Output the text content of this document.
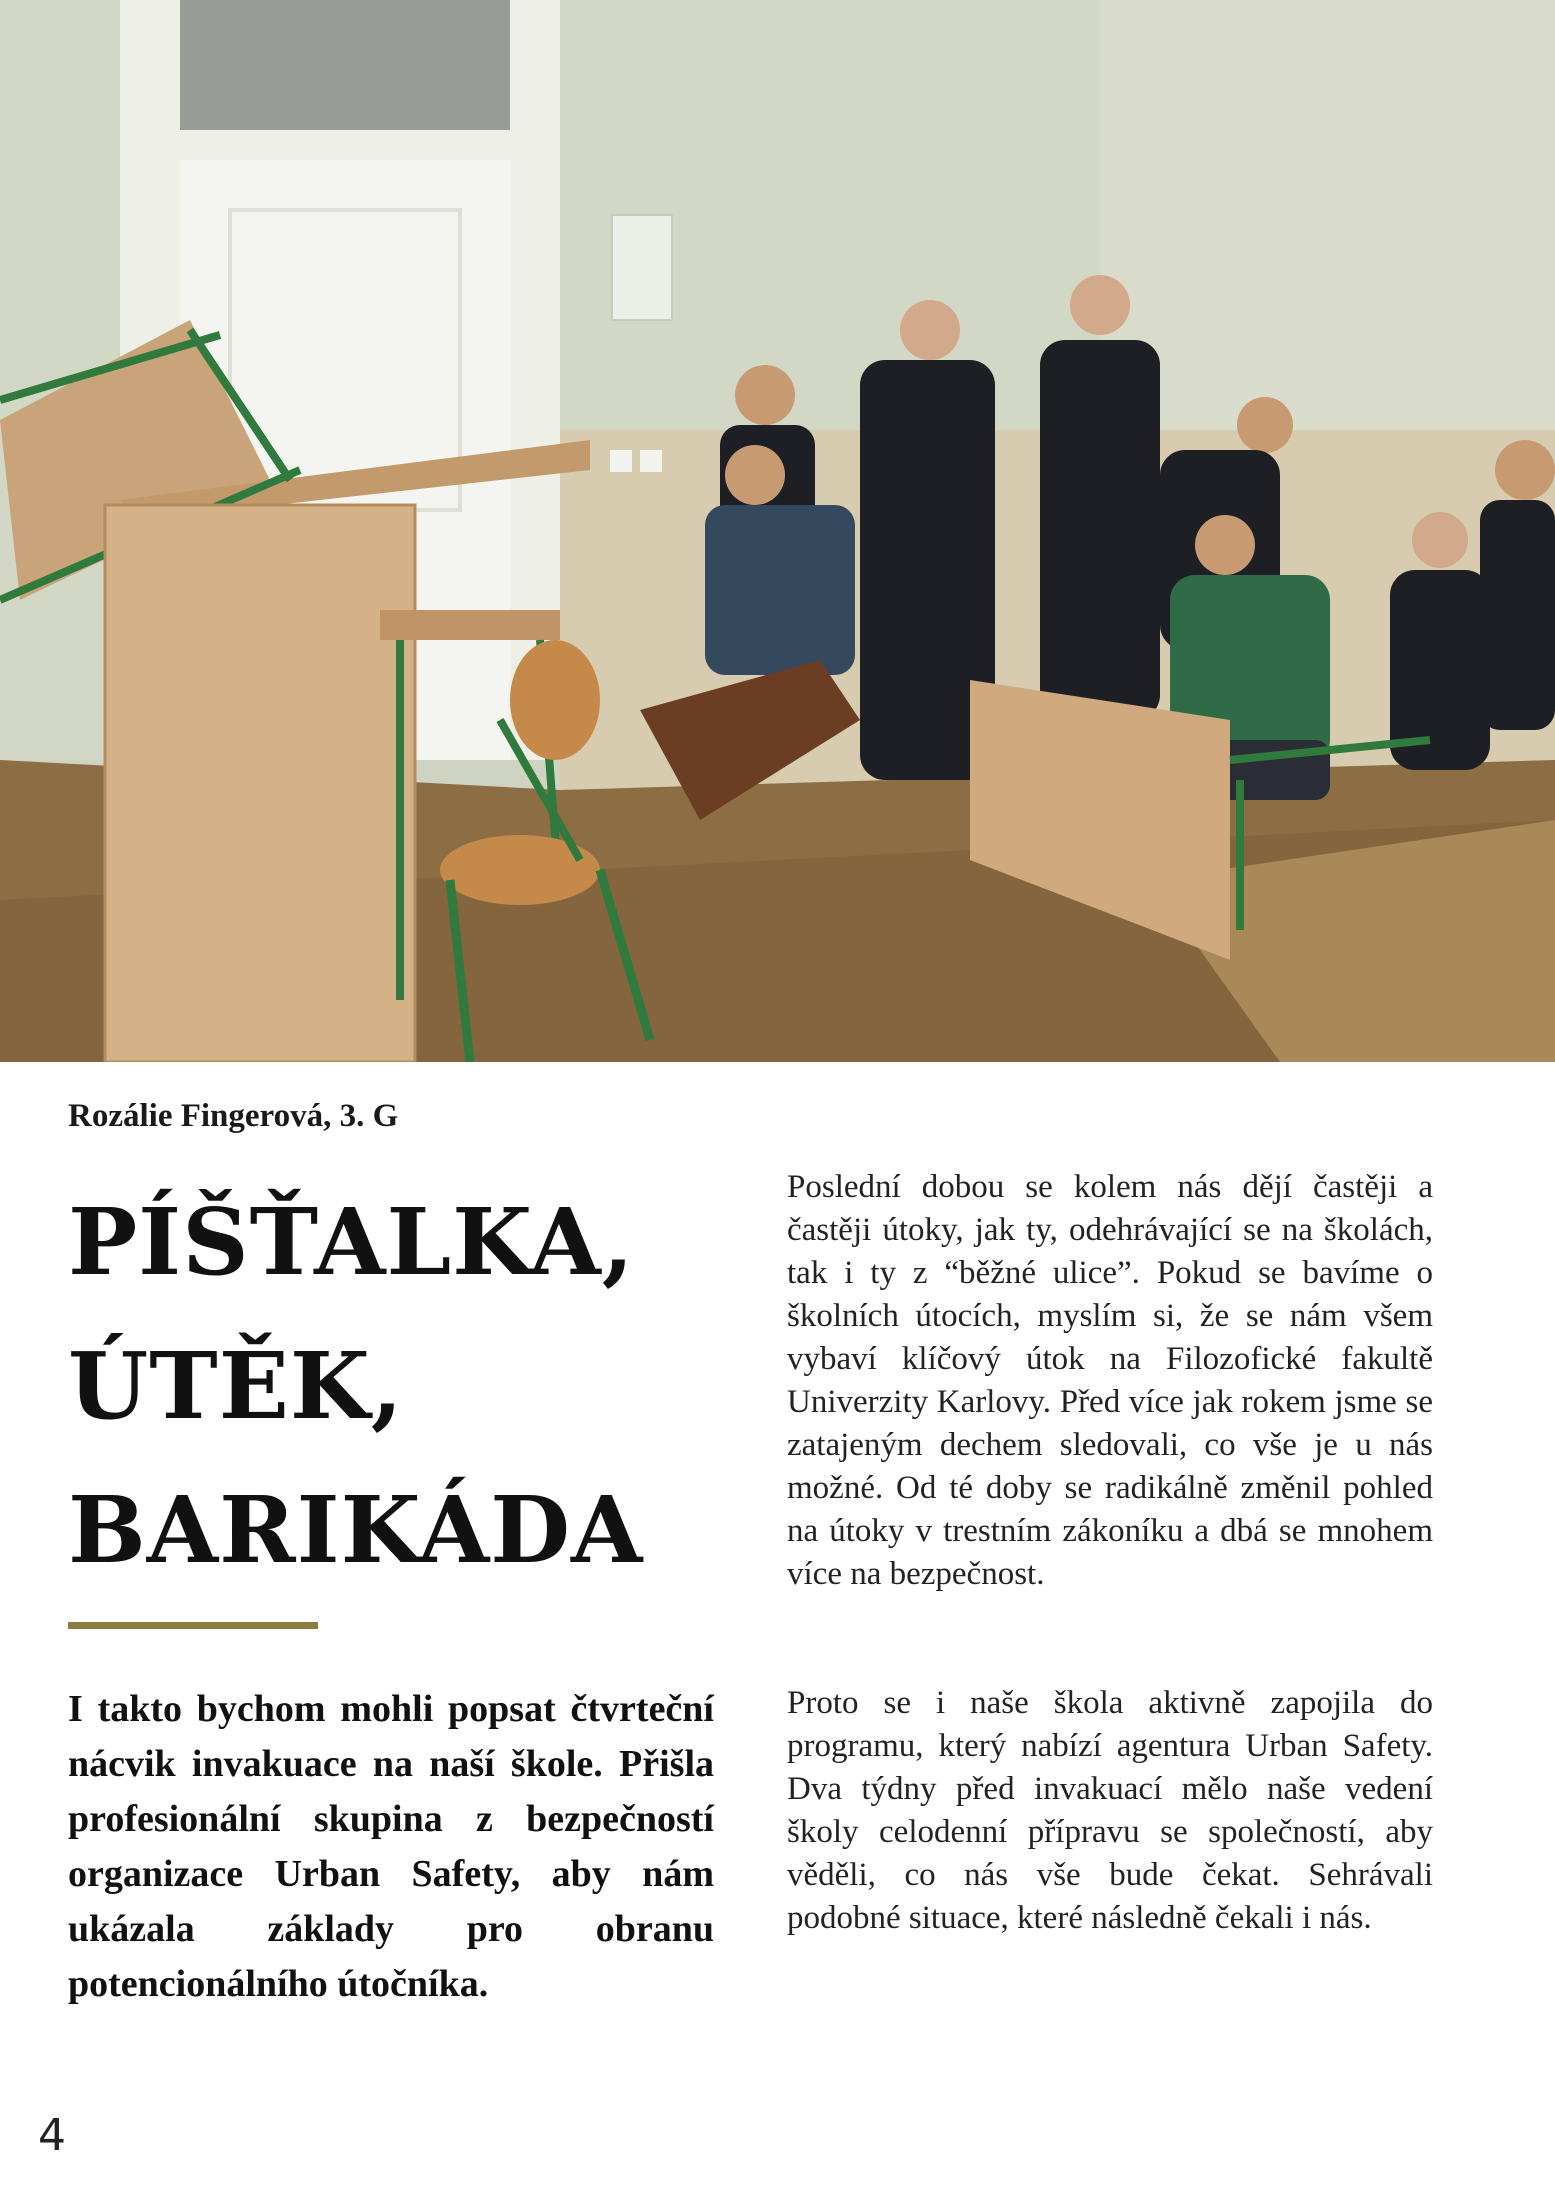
Rozálie Fingerová, 3. G
PÍŠŤALKA,
ÚTĚK,
BARIKÁDA
I takto bychom mohli popsat čtvrteční nácvik invakuace na naší škole. Přišla profesionální skupina z bezpečností organizace Urban Safety, aby nám ukázala základy pro obranu potencionálního útočníka.
Poslední dobou se kolem nás dějí častěji a častěji útoky, jak ty, odehrávající se na školách, tak i ty z “běžné ulice”. Pokud se bavíme o školních útocích, myslím si, že se nám všem vybaví klíčový útok na Filozofické fakultě Univerzity Karlovy. Před více jak rokem jsme se zatajeným dechem sledovali, co vše je u nás možné. Od té doby se radikálně změnil pohled na útoky v trestním zákoníku a dbá se mnohem více na bezpečnost.
Proto se i naše škola aktivně zapojila do programu, který nabízí agentura Urban Safety. Dva týdny před invakuací mělo naše vedení školy celodenní přípravu se společností, aby věděli, co nás vše bude čekat. Sehrávali podobné situace, které následně čekali i nás.
4
